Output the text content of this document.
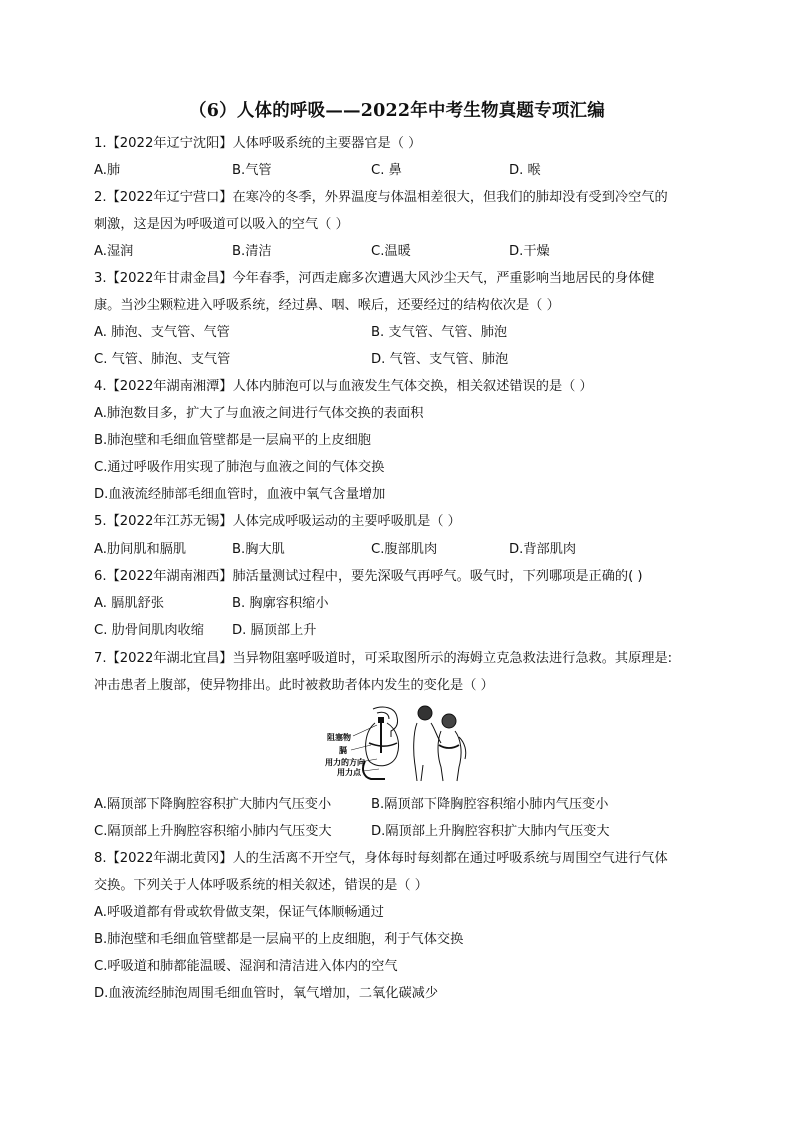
（6）人体的呼吸——2022年中考生物真题专项汇编
1.【2022年辽宁沈阳】人体呼吸系统的主要器官是（ ）
A.肺	B.气管	C. 鼻	D. 喉
2.【2022年辽宁营口】在寒冷的冬季，外界温度与体温相差很大，但我们的肺却没有受到冷空气的
刺激，这是因为呼吸道可以吸入的空气（ ）
A.湿润	B.清洁	C.温暖	D.干燥
3.【2022年甘肃金昌】今年春季，河西走廊多次遭遇大风沙尘天气，严重影响当地居民的身体健
康。当沙尘颗粒进入呼吸系统，经过鼻、咽、喉后，还要经过的结构依次是（ ）
A. 肺泡、支气管、气管	B. 支气管、气管、肺泡
C. 气管、肺泡、支气管	D. 气管、支气管、肺泡
4.【2022年湖南湘潭】人体内肺泡可以与血液发生气体交换，相关叙述错误的是（ ）
A.肺泡数目多，扩大了与血液之间进行气体交换的表面积
B.肺泡壁和毛细血管壁都是一层扁平的上皮细胞
C.通过呼吸作用实现了肺泡与血液之间的气体交换
D.血液流经肺部毛细血管时，血液中氧气含量增加
5.【2022年江苏无锡】人体完成呼吸运动的主要呼吸肌是（ ）
A.肋间肌和膈肌	B.胸大肌	C.腹部肌肉	D.背部肌肉
6.【2022年湖南湘西】肺活量测试过程中，要先深吸气再呼气。吸气时，下列哪项是正确的( )
A. 膈肌舒张	B. 胸廓容积缩小
C. 肋骨间肌肉收缩 D. 膈顶部上升
7.【2022年湖北宜昌】当异物阻塞呼吸道时，可采取图所示的海姆立克急救法进行急救。其原理是:
冲击患者上腹部，使异物排出。此时被救助者体内发生的变化是（ ）
阻塞物
膈
用力的方向
用力点
A.隔顶部下降胸腔容积扩大肺内气压变小	B.隔顶部下降胸腔容积缩小肺内气压变小
C.隔顶部上升胸腔容积缩小肺内气压变大	D.隔顶部上升胸腔容积扩大肺内气压变大
8.【2022年湖北黄冈】人的生活离不开空气，身体每时每刻都在通过呼吸系统与周围空气进行气体
交换。下列关于人体呼吸系统的相关叙述，错误的是（ ）
A.呼吸道都有骨或软骨做支架，保证气体顺畅通过
B.肺泡壁和毛细血管壁都是一层扁平的上皮细胞，利于气体交换
C.呼吸道和肺都能温暖、湿润和清洁进入体内的空气
D.血液流经肺泡周围毛细血管时，氧气增加，二氧化碳减少
